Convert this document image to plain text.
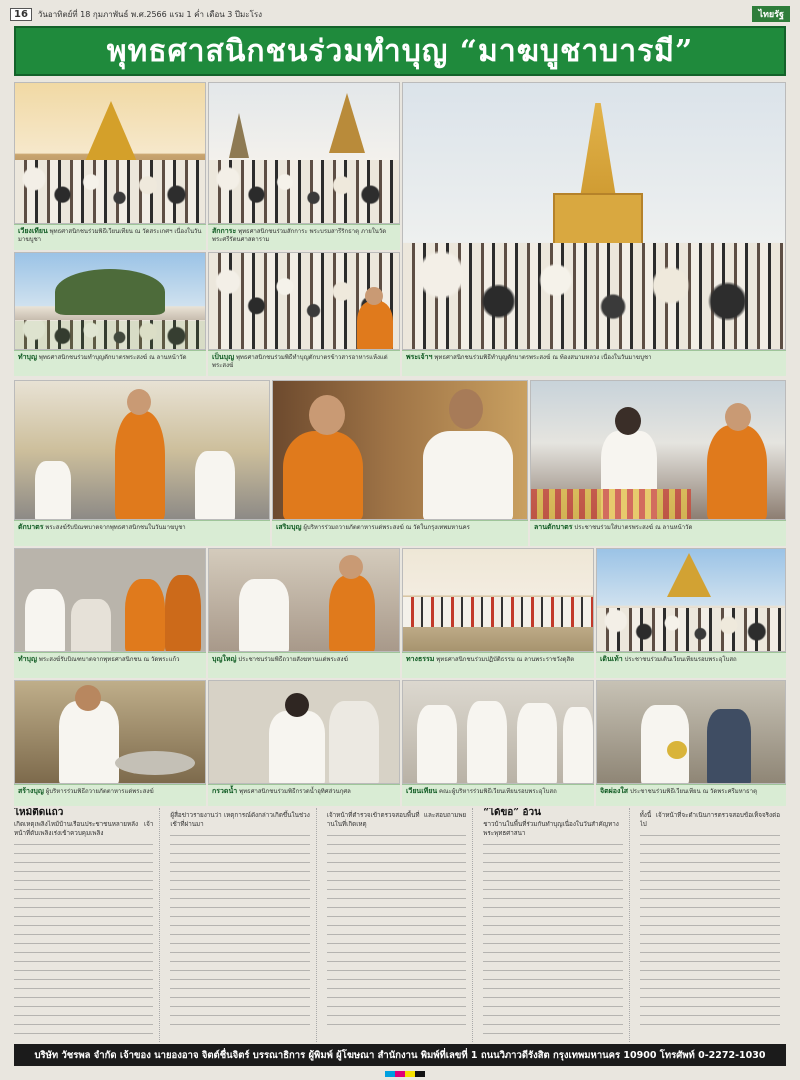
16	วันอาทิตย์ที่ 18 กุมภาพันธ์ พ.ศ.2566 แรม 1 ค่ำ เดือน 3 ปีมะโรง	ไทยรัฐ
พุทธศาสนิกชนร่วมทำบุญ “มาฆบูชาบารมี”
เวียงเทียน พุทธศาสนิกชนร่วมพิธีเวียนเทียน ณ วัดสระเกศฯ เนื่องในวันมาฆบูชา
สักการะ พุทธศาสนิกชนร่วมสักการะ พระบรมสารีริกธาตุ ภายในวัดพระศรีรัตนศาสดาราม
พระเจ้าฯ พุทธศาสนิกชนร่วมพิธีทำบุญตักบาตรพระสงฆ์ ณ ท้องสนามหลวง เนื่องในวันมาฆบูชา
ทำบุญ พุทธศาสนิกชนร่วมทำบุญตักบาตรพระสงฆ์ ณ ลานหน้าวัด	เป็นบุญ พุทธศาสนิกชนร่วมพิธีทำบุญตักบาตรข้าวสารอาหารแห้งแด่พระสงฆ์
ตักบาตร พระสงฆ์รับบิณฑบาตจากพุทธศาสนิกชนในวันมาฆบูชา	เสริมบุญ ผู้บริหารร่วมถวายภัตตาหารแด่พระสงฆ์ ณ วัดในกรุงเทพมหานคร	ลานตักบาตร ประชาชนร่วมใส่บาตรพระสงฆ์ ณ ลานหน้าวัด
ทำบุญ พระสงฆ์รับบิณฑบาตจากพุทธศาสนิกชน ณ วัดพระแก้ว	บุญใหญ่ ประชาชนร่วมพิธีถวายสังฆทานแด่พระสงฆ์	ทางธรรม พุทธศาสนิกชนร่วมปฏิบัติธรรม ณ ลานพระราชวังดุสิต	เดินเท้า ประชาชนร่วมเดินเวียนเทียนรอบพระอุโบสถ
สร้างบุญ ผู้บริหารร่วมพิธีถวายภัตตาหารแด่พระสงฆ์	กรวดน้ำ พุทธศาสนิกชนร่วมพิธีกรวดน้ำอุทิศส่วนกุศล	เวียนเทียน คณะผู้บริหารร่วมพิธีเวียนเทียนรอบพระอุโบสถ	จิตผ่องใส ประชาชนร่วมพิธีเวียนเทียน ณ วัดพระศรีมหาธาตุ
ไหม้ติดแถว
เกิดเหตุเพลิงไหม้บ้านเรือนประชาชนหลายหลัง เจ้าหน้าที่ดับเพลิงเร่งเข้าควบคุมเพลิง
ผู้สื่อข่าวรายงานว่า เหตุการณ์ดังกล่าวเกิดขึ้นในช่วงเช้าที่ผ่านมา
เจ้าหน้าที่ตำรวจเข้าตรวจสอบพื้นที่ และสอบถามพยานในที่เกิดเหตุ
“ได้ขอ” อ้วน
ชาวบ้านในพื้นที่ร่วมกันทำบุญเนื่องในวันสำคัญทางพระพุทธศาสนา
ทั้งนี้ เจ้าหน้าที่จะดำเนินการตรวจสอบข้อเท็จจริงต่อไป
บริษัท วัชรพล จำกัด เจ้าของ นายองอาจ จิตต์ชื่นจิตร์ บรรณาธิการ ผู้พิมพ์ ผู้โฆษณา สำนักงาน พิมพ์ที่เลขที่ 1 ถนนวิภาวดีรังสิต กรุงเทพมหานคร 10900 โทรศัพท์ 0-2272-1030
